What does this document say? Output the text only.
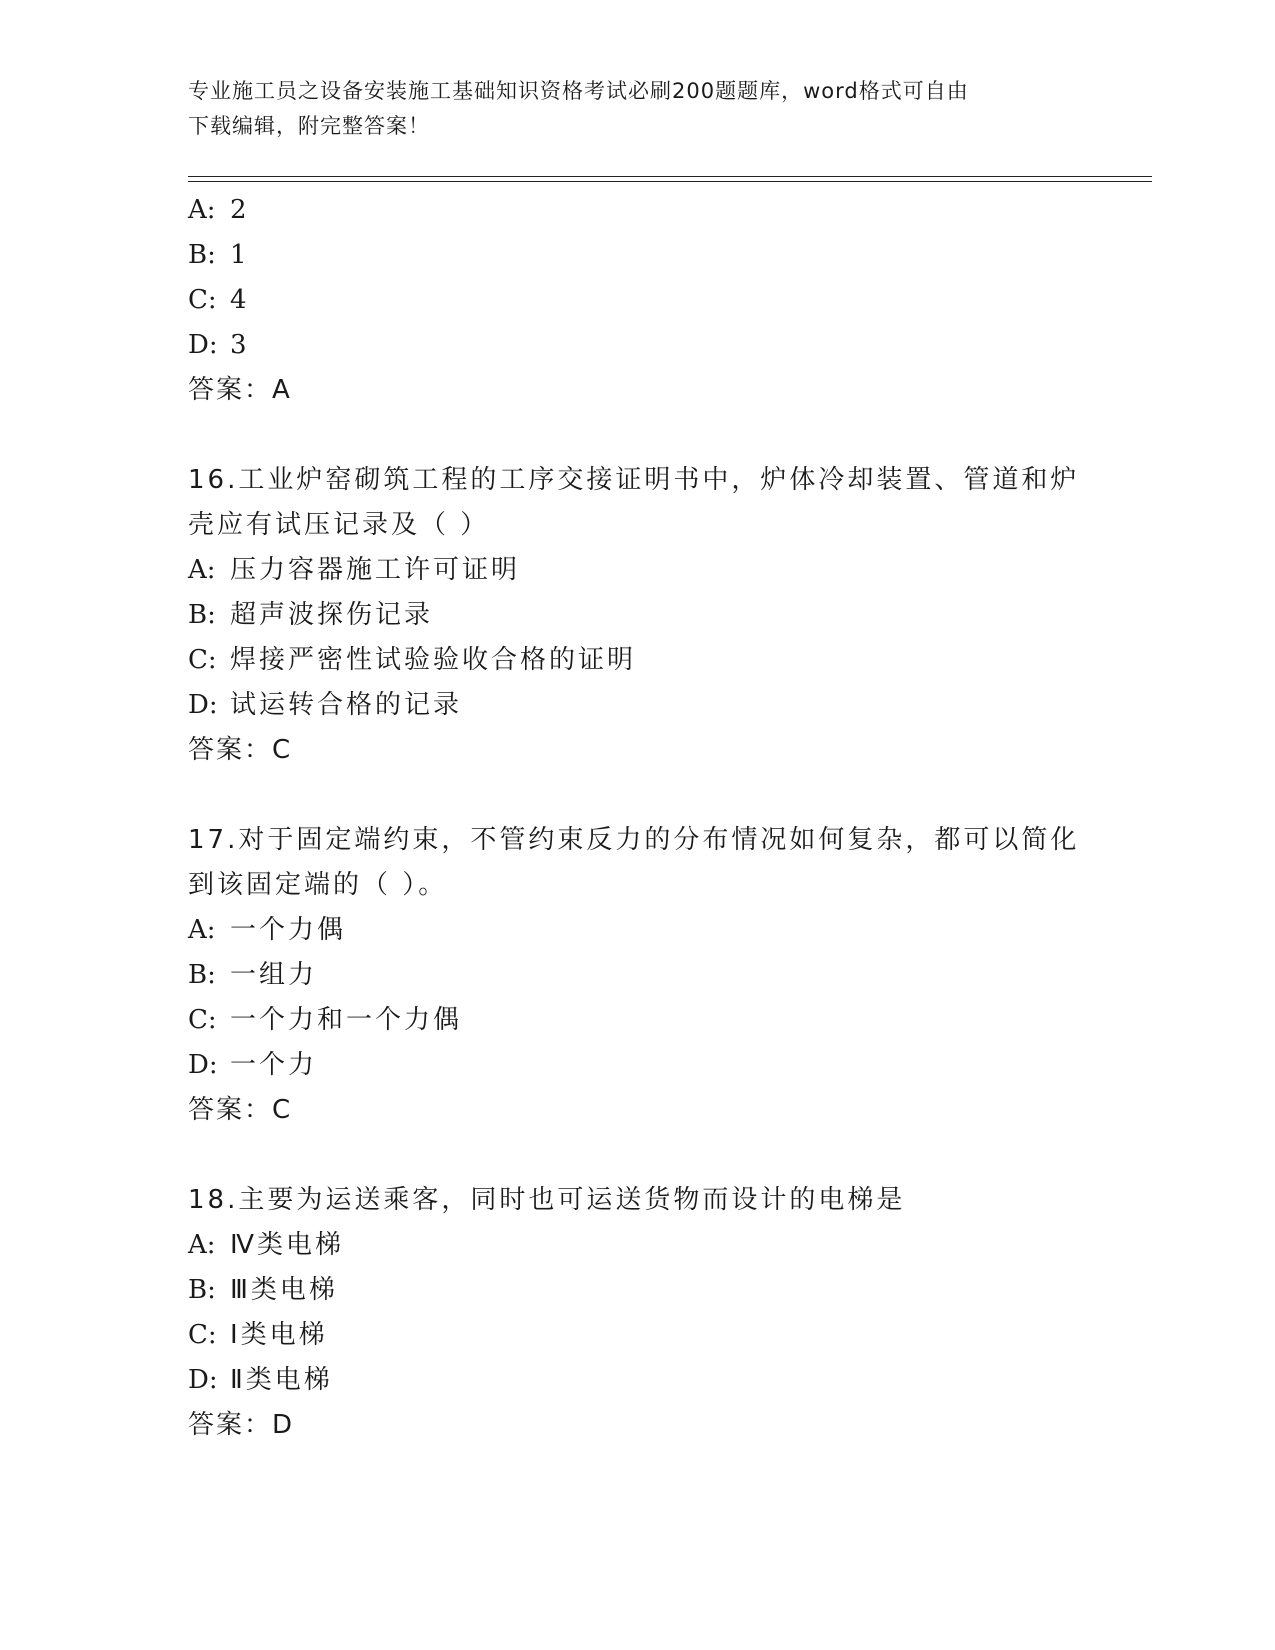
专业施工员之设备安装施工基础知识资格考试必刷200题题库，word格式可自由
下载编辑，附完整答案！
A: 2
B: 1
C: 4
D: 3
答案：A
16.工业炉窑砌筑工程的工序交接证明书中，炉体冷却装置、管道和炉
壳应有试压记录及（ ）
A: 压力容器施工许可证明
B: 超声波探伤记录
C: 焊接严密性试验验收合格的证明
D: 试运转合格的记录
答案：C
17.对于固定端约束，不管约束反力的分布情况如何复杂，都可以简化
到该固定端的（ ）。
A: 一个力偶
B: 一组力
C: 一个力和一个力偶
D: 一个力
答案：C
18.主要为运送乘客，同时也可运送货物而设计的电梯是
A: Ⅳ类电梯
B: Ⅲ类电梯
C: Ⅰ类电梯
D: Ⅱ类电梯
答案：D
